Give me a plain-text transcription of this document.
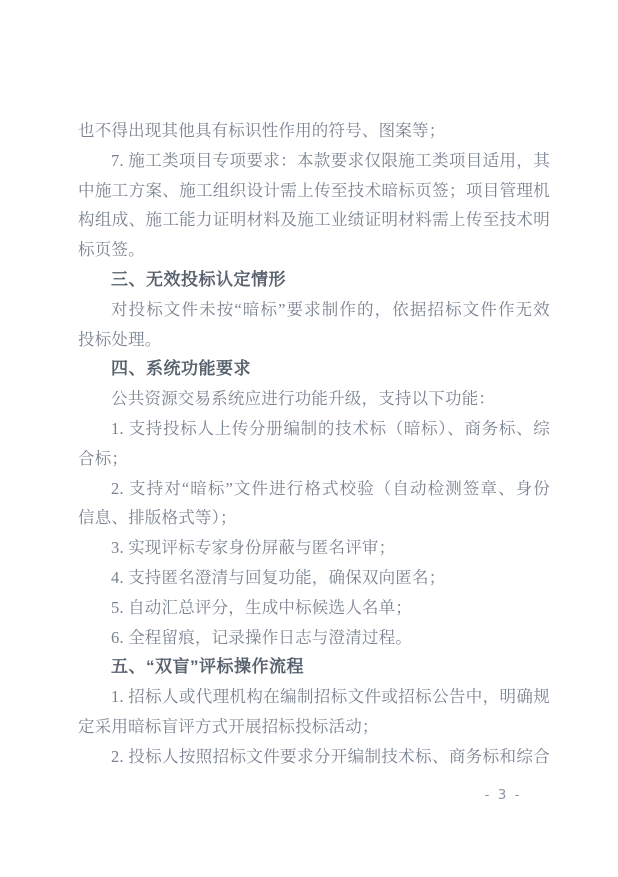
也不得出现其他具有标识性作用的符号、图案等；
7. 施工类项目专项要求：本款要求仅限施工类项目适用，其
中施工方案、施工组织设计需上传至技术暗标页签；项目管理机
构组成、施工能力证明材料及施工业绩证明材料需上传至技术明
标页签。
三、无效投标认定情形
对投标文件未按“暗标”要求制作的，依据招标文件作无效
投标处理。
四、系统功能要求
公共资源交易系统应进行功能升级，支持以下功能：
1. 支持投标人上传分册编制的技术标（暗标）、商务标、综
合标；
2. 支持对“暗标”文件进行格式校验（自动检测签章、身份
信息、排版格式等）；
3. 实现评标专家身份屏蔽与匿名评审；
4. 支持匿名澄清与回复功能，确保双向匿名；
5. 自动汇总评分，生成中标候选人名单；
6. 全程留痕，记录操作日志与澄清过程。
五、“双盲”评标操作流程
1. 招标人或代理机构在编制招标文件或招标公告中，明确规
定采用暗标盲评方式开展招标投标活动；
2. 投标人按照招标文件要求分开编制技术标、商务标和综合
- 3 -
